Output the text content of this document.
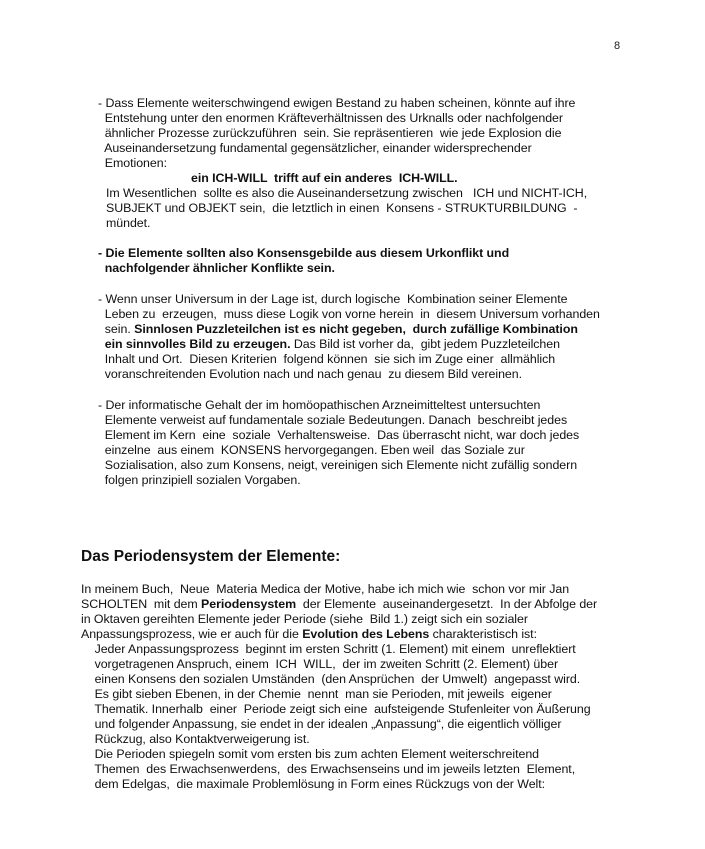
8
- Dass Elemente weiterschwingend ewigen Bestand zu haben scheinen, könnte auf ihre
Entstehung unter den enormen Kräfteverhältnissen des Urknalls oder nachfolgender
ähnlicher Prozesse zurückzuführen  sein. Sie repräsentieren  wie jede Explosion die
Auseinandersetzung fundamental gegensätzlicher, einander widersprechender
Emotionen:
ein ICH-WILL  trifft auf ein anderes  ICH-WILL.
Im Wesentlichen  sollte es also die Auseinandersetzung zwischen   ICH und NICHT-ICH,
SUBJEKT und OBJEKT sein,  die letztlich in einen  Konsens - STRUKTURBILDUNG  -
mündet.
- Die Elemente sollten also Konsensgebilde aus diesem Urkonflikt und
nachfolgender ähnlicher Konflikte sein.
- Wenn unser Universum in der Lage ist, durch logische  Kombination seiner Elemente
Leben zu  erzeugen,  muss diese Logik von vorne herein  in  diesem Universum vorhanden
sein. Sinnlosen Puzzleteilchen ist es nicht gegeben,  durch zufällige Kombination
ein sinnvolles Bild zu erzeugen. Das Bild ist vorher da,  gibt jedem Puzzleteilchen
Inhalt und Ort.  Diesen Kriterien  folgend können  sie sich im Zuge einer  allmählich
voranschreitenden Evolution nach und nach genau  zu diesem Bild vereinen.
- Der informatische Gehalt der im homöopathischen Arzneimitteltest untersuchten
Elemente verweist auf fundamentale soziale Bedeutungen. Danach  beschreibt jedes
Element im Kern  eine  soziale  Verhaltensweise.  Das überrascht nicht, war doch jedes
einzelne  aus einem  KONSENS hervorgegangen. Eben weil  das Soziale zur
Sozialisation, also zum Konsens, neigt, vereinigen sich Elemente nicht zufällig sondern
folgen prinzipiell sozialen Vorgaben.
Das Periodensystem der Elemente:
In meinem Buch,  Neue  Materia Medica der Motive, habe ich mich wie  schon vor mir Jan
SCHOLTEN  mit dem Periodensystem  der Elemente  auseinandergesetzt.  In der Abfolge der
in Oktaven gereihten Elemente jeder Periode (siehe  Bild 1.) zeigt sich ein sozialer
Anpassungsprozess, wie er auch für die Evolution des Lebens charakteristisch ist:
Jeder Anpassungsprozess  beginnt im ersten Schritt (1. Element) mit einem  unreflektiert
vorgetragenen Anspruch, einem  ICH  WILL,  der im zweiten Schritt (2. Element) über
einen Konsens den sozialen Umständen  (den Ansprüchen  der Umwelt)  angepasst wird.
Es gibt sieben Ebenen, in der Chemie  nennt  man sie Perioden, mit jeweils  eigener
Thematik. Innerhalb  einer  Periode zeigt sich eine  aufsteigende Stufenleiter von Äußerung
und folgender Anpassung, sie endet in der idealen „Anpassung“, die eigentlich völliger
Rückzug, also Kontaktverweigerung ist.
Die Perioden spiegeln somit vom ersten bis zum achten Element weiterschreitend
Themen  des Erwachsenwerdens,  des Erwachsenseins und im jeweils letzten  Element,
dem Edelgas,  die maximale Problemlösung in Form eines Rückzugs von der Welt:
